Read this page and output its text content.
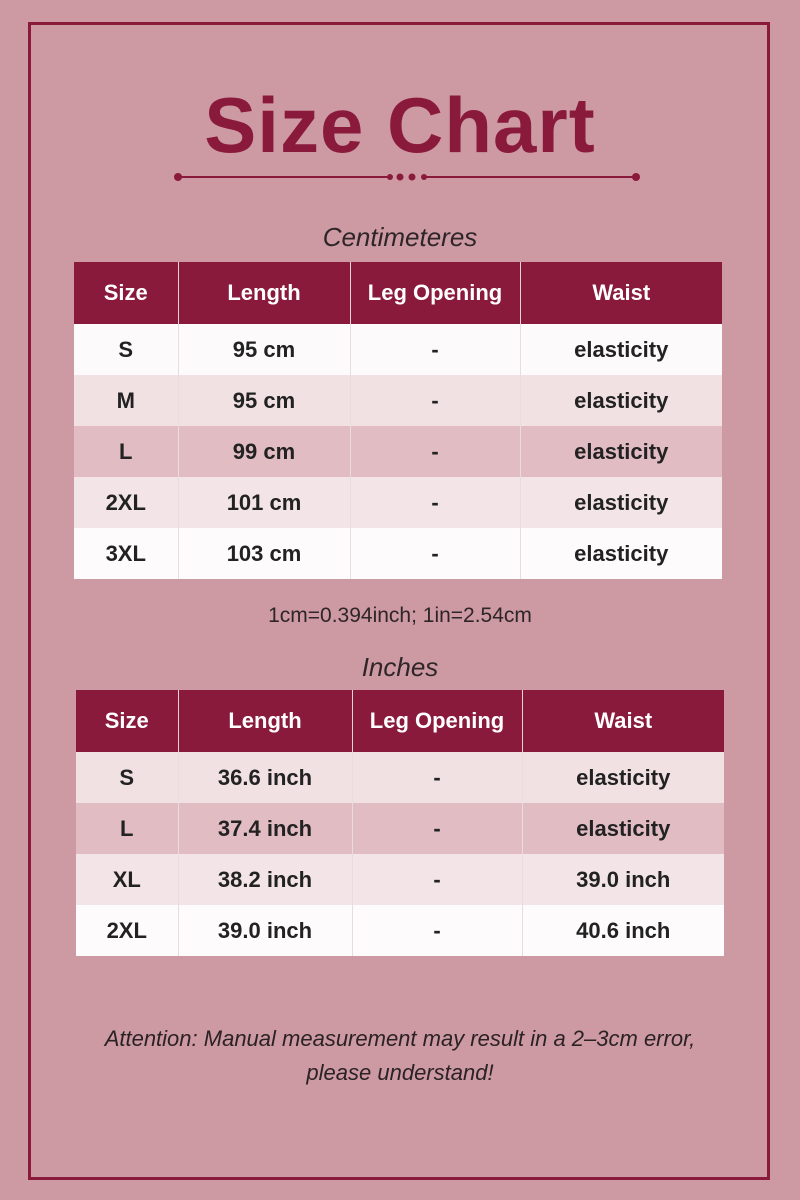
Size Chart
Centimeteres
Size	Length	Leg Opening	Waist
S	95 cm	-	elasticity
M	95 cm	-	elasticity
L	99 cm	-	elasticity
2XL	101 cm	-	elasticity
3XL	103 cm	-	elasticity
1cm=0.394inch; 1in=2.54cm
Inches
Size	Length	Leg Opening	Waist
S	36.6 inch	-	elasticity
L	37.4 inch	-	elasticity
XL	38.2 inch	-	39.0 inch
2XL	39.0 inch	-	40.6 inch
Attention: Manual measurement may result in a 2–3cm error,
please understand!
